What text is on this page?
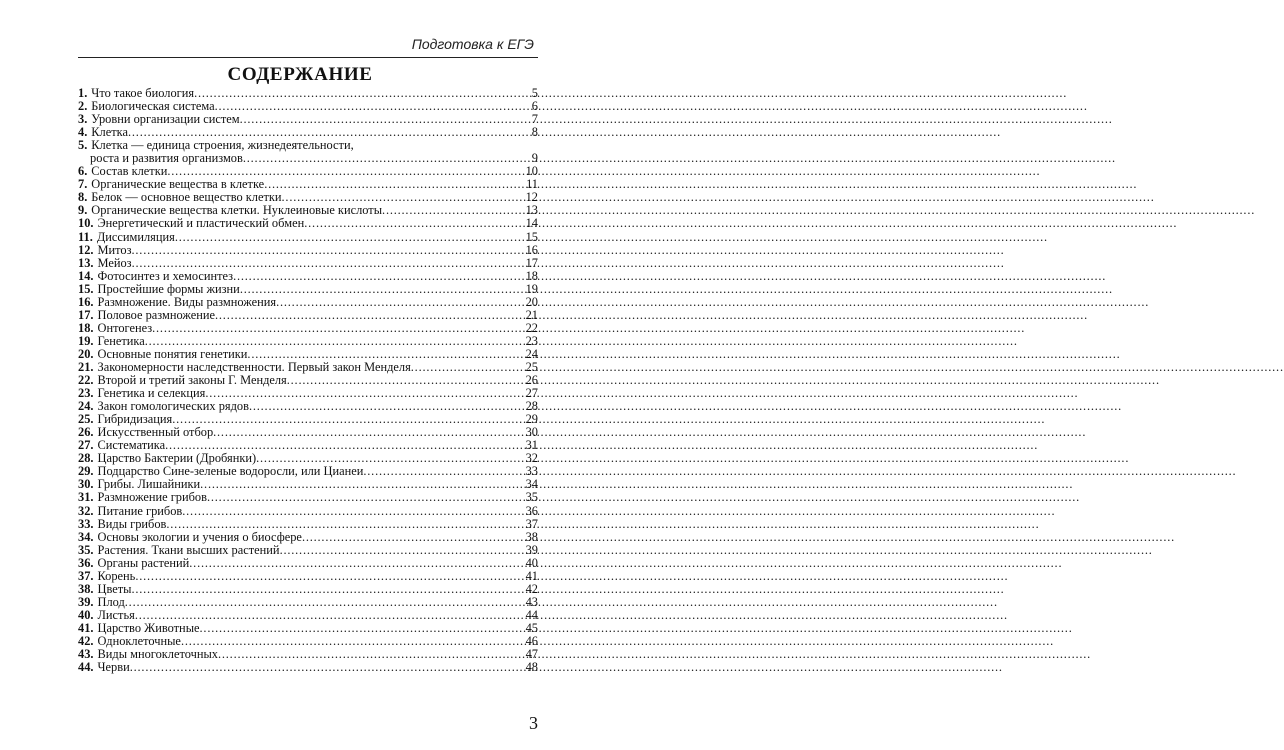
Подготовка к ЕГЭ
СОДЕРЖАНИЕ
1. Что такое биология .....	5
2. Биологическая система .....	6
3. Уровни организации систем .....	7
4. Клетка .....	8
5. Клетка — единица строения, жизнедеятельности,
роста и развития организмов .....	9
6. Состав клетки .....	10
7. Органические вещества в клетке .....	11
8. Белок — основное вещество клетки .....	12
9. Органические вещества клетки. Нуклеиновые кислоты .....	13
10. Энергетический и пластический обмен .....	14
11. Диссимиляция .....	15
12. Митоз .....	16
13. Мейоз .....	17
14. Фотосинтез и хемосинтез .....	18
15. Простейшие формы жизни .....	19
16. Размножение. Виды размножения .....	20
17. Половое размножение .....	21
18. Онтогенез .....	22
19. Генетика .....	23
20. Основные понятия генетики .....	24
21. Закономерности наследственности. Первый закон Менделя .....	25
22. Второй и третий законы Г. Менделя .....	26
23. Генетика и селекция .....	27
24. Закон гомологических рядов .....	28
25. Гибридизация .....	29
26. Искусственный отбор .....	30
27. Систематика .....	31
28. Царство Бактерии (Дробянки) .....	32
29. Подцарство Сине-зеленые водоросли, или Цианеи .....	33
30. Грибы. Лишайники .....	34
31. Размножение грибов .....	35
32. Питание грибов .....	36
33. Виды грибов .....	37
34. Основы экологии и учения о биосфере .....	38
35. Растения. Ткани высших растений .....	39
36. Органы растений .....	40
37. Корень .....	41
38. Цветы .....	42
39. Плод .....	43
40. Листья .....	44
41. Царство Животные .....	45
42. Одноклеточные .....	46
43. Виды многоклеточных .....	47
44. Черви .....	48
3
